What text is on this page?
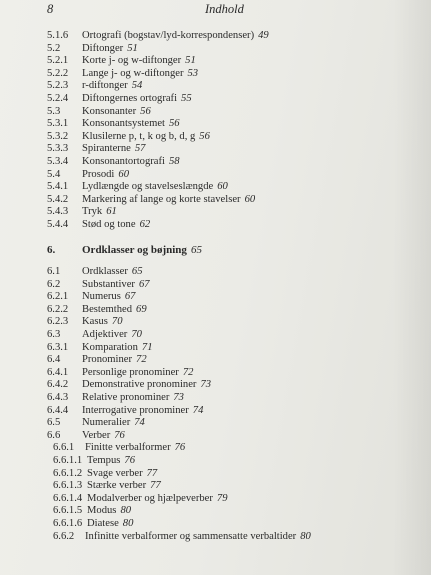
8	Indhold
5.1.6 Ortografi (bogstav/lyd-korrespondenser) 49
5.2 Diftonger 51
5.2.1 Korte j- og w-diftonger 51
5.2.2 Lange j- og w-diftonger 53
5.2.3 r-diftonger 54
5.2.4 Diftongernes ortografi 55
5.3 Konsonanter 56
5.3.1 Konsonantsystemet 56
5.3.2 Klusilerne p, t, k og b, d, g 56
5.3.3 Spiranterne 57
5.3.4 Konsonantortografi 58
5.4 Prosodi 60
5.4.1 Lydlængde og stavelseslængde 60
5.4.2 Markering af lange og korte stavelser 60
5.4.3 Tryk 61
5.4.4 Stød og tone 62
6. Ordklasser og bøjning 65
6.1 Ordklasser 65
6.2 Substantiver 67
6.2.1 Numerus 67
6.2.2 Bestemthed 69
6.2.3 Kasus 70
6.3 Adjektiver 70
6.3.1 Komparation 71
6.4 Pronominer 72
6.4.1 Personlige pronominer 72
6.4.2 Demonstrative pronominer 73
6.4.3 Relative pronominer 73
6.4.4 Interrogative pronominer 74
6.5 Numeralier 74
6.6 Verber 76
6.6.1 Finitte verbalformer 76
6.6.1.1 Tempus 76
6.6.1.2 Svage verber 77
6.6.1.3 Stærke verber 77
6.6.1.4 Modalverber og hjælpeverber 79
6.6.1.5 Modus 80
6.6.1.6 Diatese 80
6.6.2 Infinitte verbalformer og sammensatte verbaltider 80
